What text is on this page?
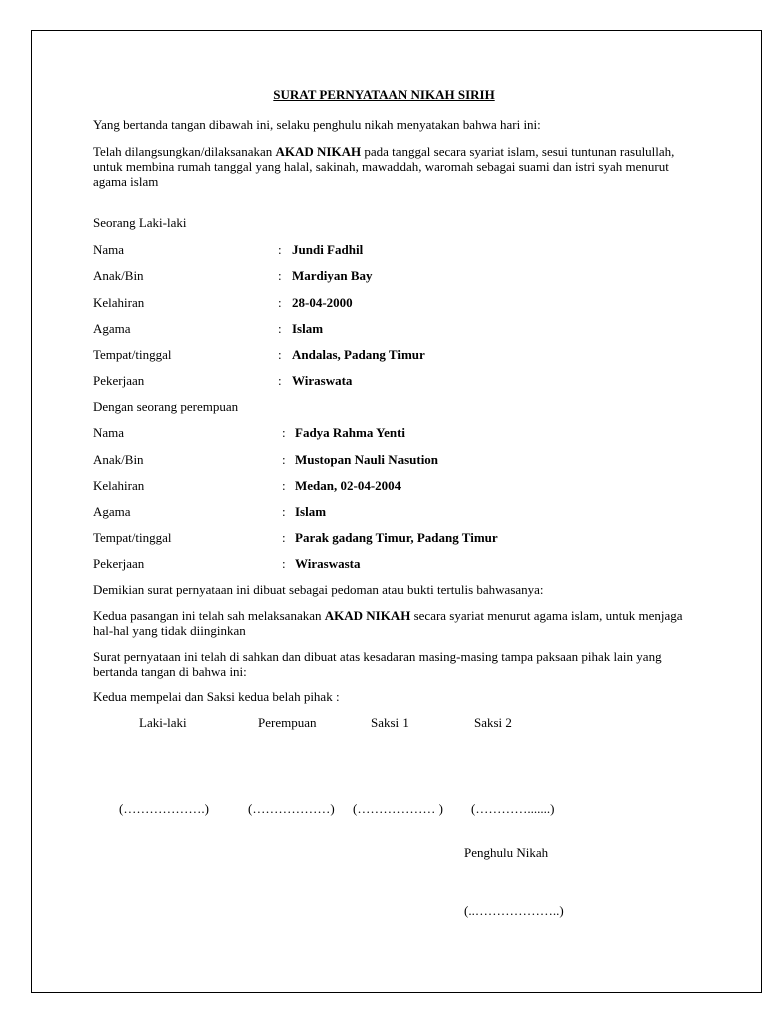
SURAT PERNYATAAN NIKAH SIRIH
Yang bertanda tangan dibawah ini, selaku penghulu nikah menyatakan bahwa hari ini:
Telah dilangsungkan/dilaksanakan AKAD NIKAH pada tanggal secara syariat islam, sesui tuntunan rasulullah, untuk membina rumah tanggal yang halal, sakinah, mawaddah, waromah sebagai suami dan istri syah menurut agama islam
Seorang Laki-laki
Nama	: Jundi Fadhil
Anak/Bin	: Mardiyan Bay
Kelahiran	: 28-04-2000
Agama	: Islam
Tempat/tinggal	: Andalas, Padang Timur
Pekerjaan	: Wiraswata
Dengan seorang perempuan
Nama	: Fadya Rahma Yenti
Anak/Bin	: Mustopan Nauli Nasution
Kelahiran	: Medan, 02-04-2004
Agama	: Islam
Tempat/tinggal	: Parak gadang Timur, Padang Timur
Pekerjaan	: Wiraswasta
Demikian surat pernyataan ini dibuat sebagai pedoman atau bukti tertulis bahwasanya:
Kedua pasangan ini telah sah melaksanakan AKAD NIKAH secara syariat menurut agama islam, untuk menjaga hal-hal yang tidak diinginkan
Surat pernyataan ini telah di sahkan dan dibuat atas kesadaran masing-masing tampa paksaan pihak lain yang bertanda tangan di bahwa ini:
Kedua mempelai dan Saksi kedua belah pihak :
Laki-laki	Perempuan	Saksi 1	Saksi 2
(……………….)	(………………) (……………… ) (………….......)
Penghulu Nikah
(..………………..)
